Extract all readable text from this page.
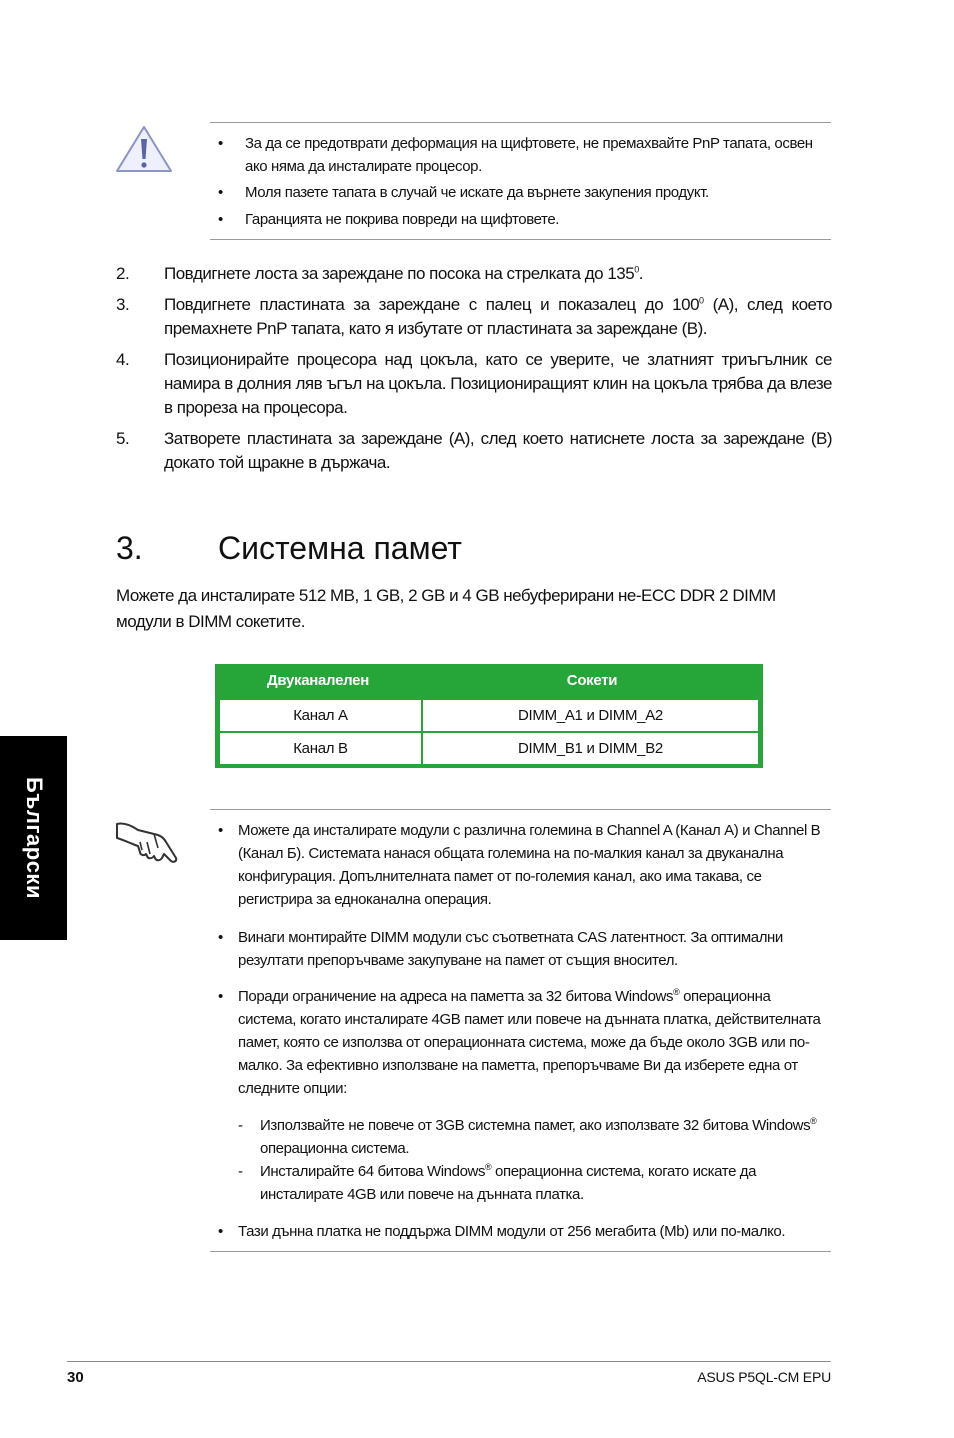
• За да се предотврати деформация на щифтовете, не премахвайте PnP тапата, освен ако няма да инсталирате процесор.
• Моля пазете тапата в случай че искате да върнете закупения продукт.
• Гаранцията не покрива повреди на щифтовете.
2. Повдигнете лоста за зареждане по посока на стрелката до $135^0$.
3. Повдигнете пластината за зареждане с палец и показалец до $100^0$ (A), след което премахнете PnP тапата, като я избутате от пластината за зареждане (B).
4. Позиционирайте процесора над цокъла, като се уверите, че златният триъгълник се намира в долния ляв ъгъл на цокъла. Позициониращият клин на цокъла трябва да влезе в прореза на процесора.
5. Затворете пластината за зареждане (A), след което натиснете лоста за зареждане (B) докато той щракне в държача.
3. Системна памет
Можете да инсталирате 512 MB, 1 GB, 2 GB и 4 GB небуферирани не-ECC DDR 2 DIMM модули в DIMM сокетите.
Двуканалелен	Сокети
Канал A	DIMM_A1 и DIMM_A2
Канал B	DIMM_B1 и DIMM_B2
Български	• Можете да инсталирате модули с различна големина в Channel A (Канал А) и Channel B (Канал Б). Системата нанася общата големина на по-малкия канал за двуканална конфигурация. Допълнителната памет от по-големия канал, ако има такава, се регистрира за едноканална операция.
• Винаги монтирайте DIMM модули със съответната CAS латентност. За оптимални резултати препоръчваме закупуване на памет от същия вносител.
• Поради ограничение на адреса на паметта за 32 битова Windows® операционна система, когато инсталирате 4GB памет или повече на дънната платка, действителната памет, която се използва от операционната система, може да бъде около 3GB или по-малко. За ефективно използване на паметта, препоръчваме Ви да изберете една от следните опции:
- Използвайте не повече от 3GB системна памет, ако използвате 32 битова Windows® операционна система.
- Инсталирайте 64 битова Windows® операционна система, когато искате да инсталирате 4GB или повече на дънната платка.
• Тази дънна платка не поддържа DIMM модули от 256 мегабита (Mb) или по-малко.
30	ASUS P5QL-CM EPU
